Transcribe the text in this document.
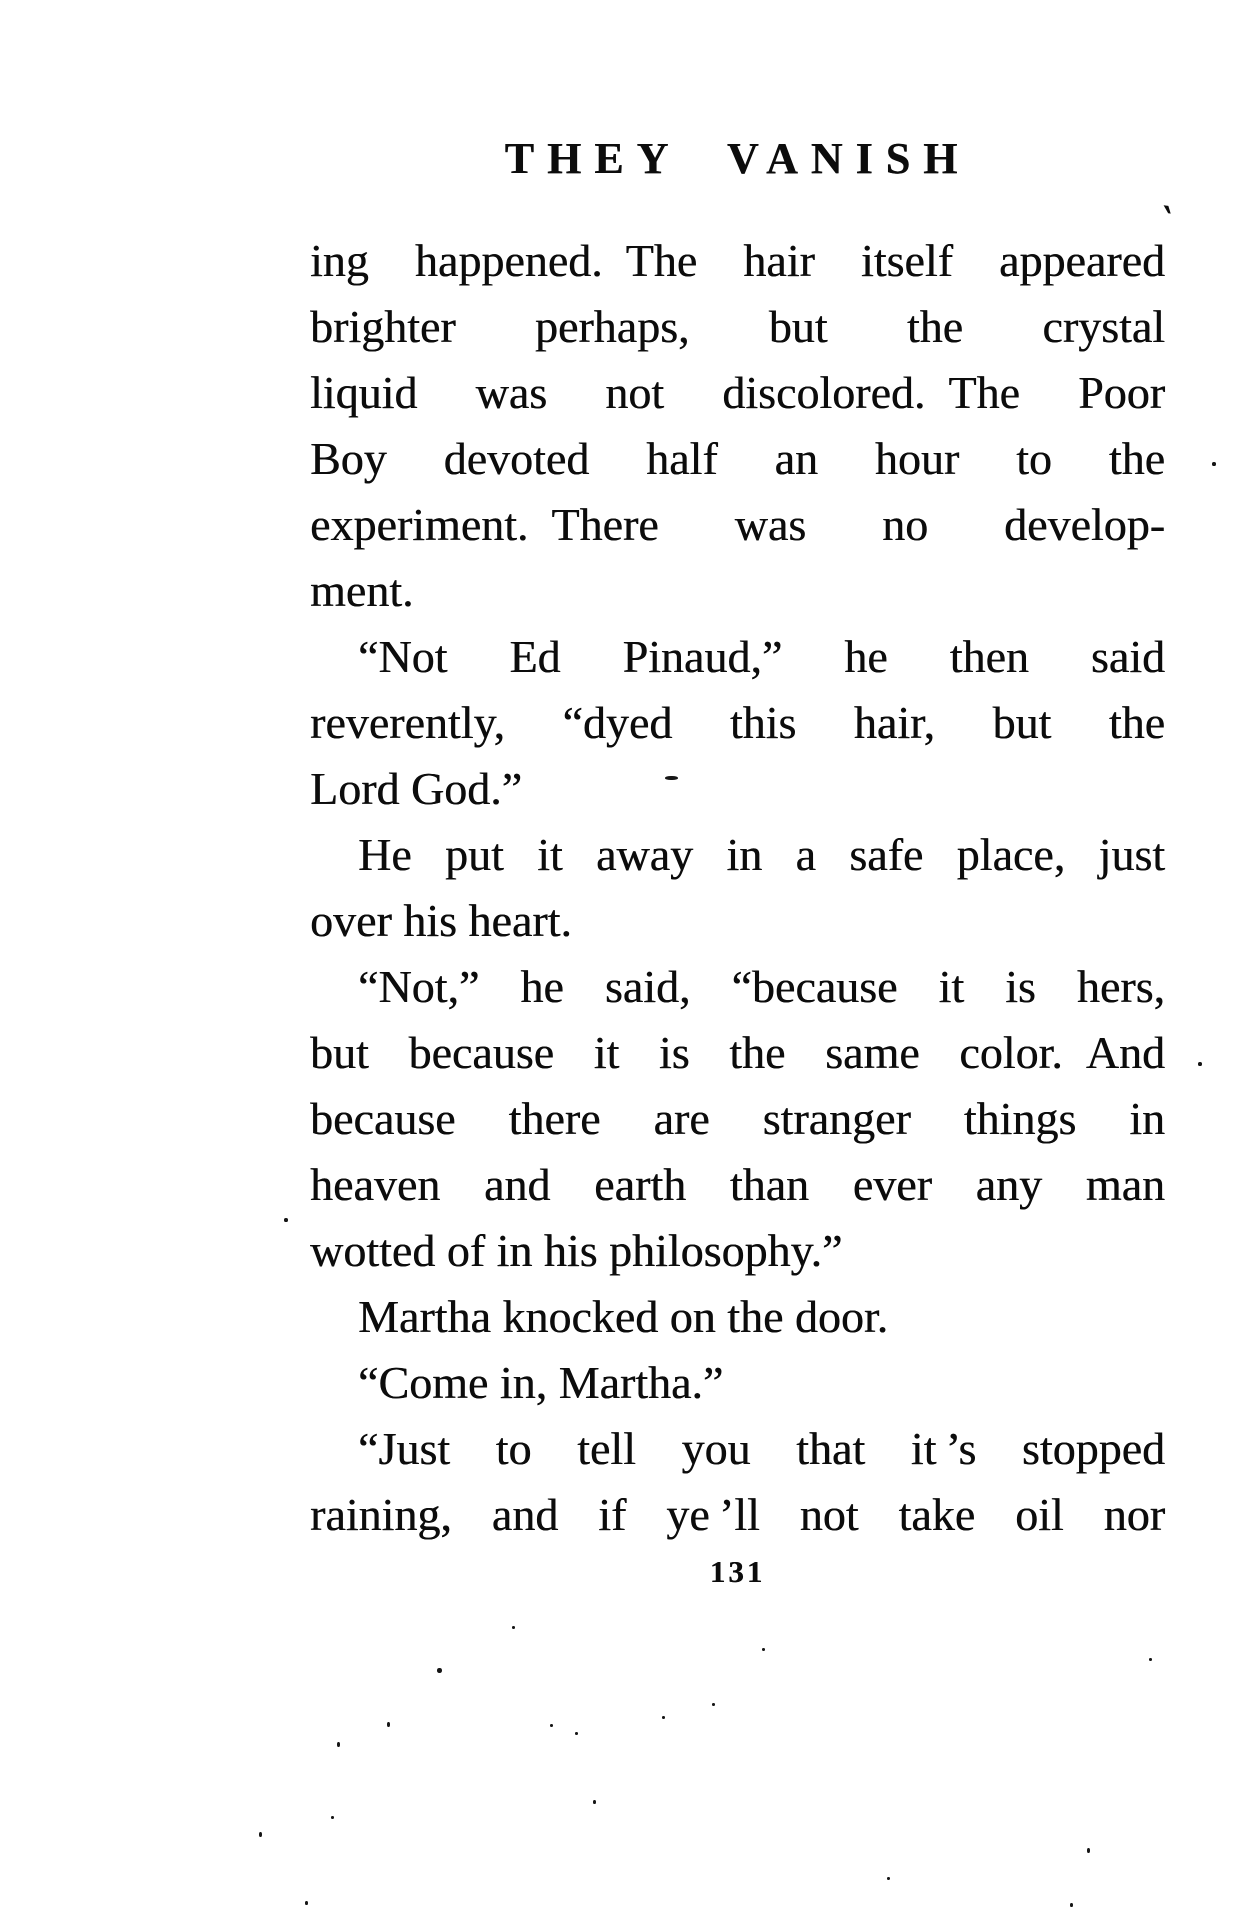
THEY VANISH
ing happened. The hair itself appeared
brighter perhaps, but the crystal
liquid was not discolored. The Poor
Boy devoted half an hour to the
experiment. There was no develop-
ment.
“Not Ed Pinaud,” he then said
reverently, “dyed this hair, but the
Lord God.”
He put it away in a safe place, just
over his heart.
“Not,” he said, “because it is hers,
but because it is the same color. And
because there are stranger things in
heaven and earth than ever any man
wotted of in his philosophy.”
Martha knocked on the door.
“Come in, Martha.”
“Just to tell you that it ’s stopped
raining, and if ye ’ll not take oil nor
131
‵
